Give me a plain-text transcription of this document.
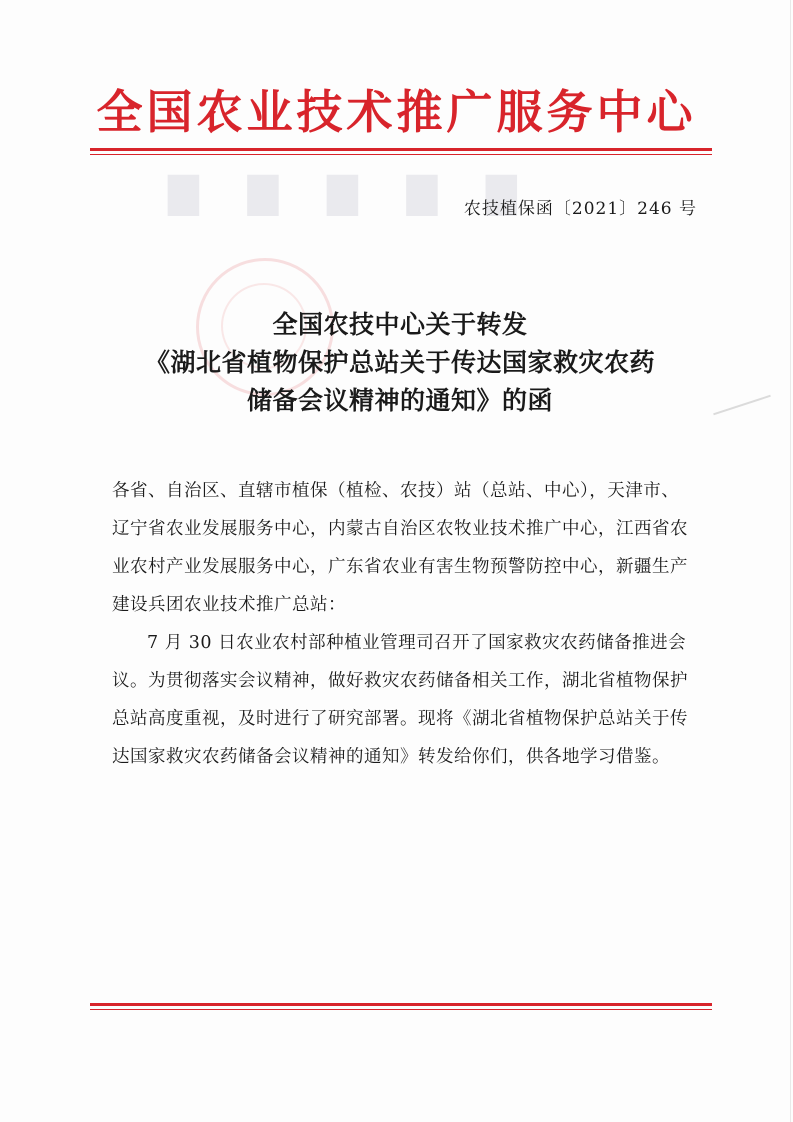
全国农业技术推广服务中心
▇ ▇ ▇ ▇ ▇
农技植保函〔2021〕246 号
全国农技中心关于转发
《湖北省植物保护总站关于传达国家救灾农药
储备会议精神的通知》的函

各省、自治区、直辖市植保（植检、农技）站（总站、中心），天津市、辽宁省农业发展服务中心，内蒙古自治区农牧业技术推广中心，江西省农业农村产业发展服务中心，广东省农业有害生物预警防控中心，新疆生产建设兵团农业技术推广总站：

7 月 30 日农业农村部种植业管理司召开了国家救灾农药储备推进会议。为贯彻落实会议精神，做好救灾农药储备相关工作，湖北省植物保护总站高度重视，及时进行了研究部署。现将《湖北省植物保护总站关于传达国家救灾农药储备会议精神的通知》转发给你们，供各地学习借鉴。
